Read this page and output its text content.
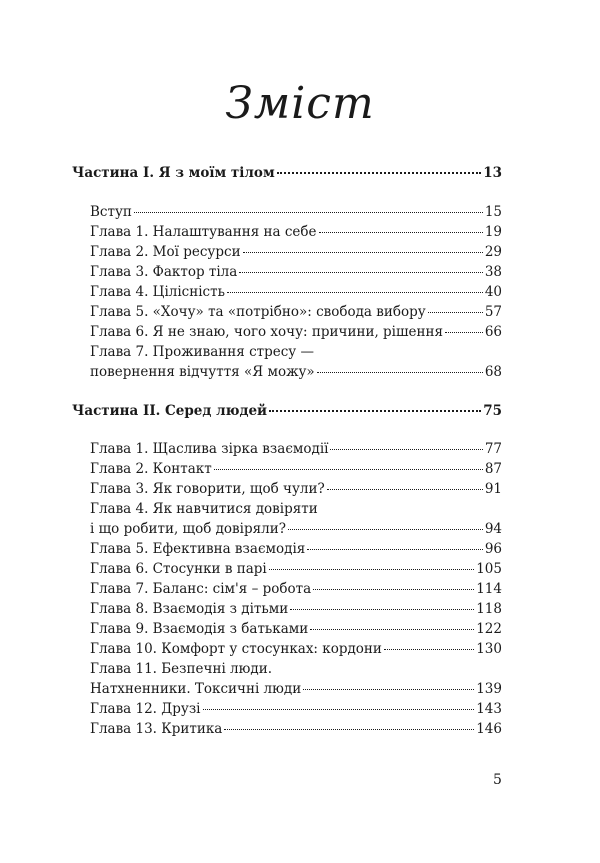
Зміст
Частина І. Я з моїм тілом	13
Вступ	15
Глава 1. Налаштування на себе	19
Глава 2. Мої ресурси	29
Глава 3. Фактор тіла	38
Глава 4. Цілісність	40
Глава 5. «Хочу» та «потрібно»: свобода вибору	57
Глава 6. Я не знаю, чого хочу: причини, рішення	66
Глава 7. Проживання стресу —
повернення відчуття «Я можу»	68
Частина ІІ. Серед людей	75
Глава 1. Щаслива зірка взаємодії	77
Глава 2. Контакт	87
Глава 3. Як говорити, щоб чули?	91
Глава 4. Як навчитися довіряти
і що робити, щоб довіряли?	94
Глава 5. Ефективна взаємодія	96
Глава 6. Стосунки в парі	105
Глава 7. Баланс: сім'я – робота	114
Глава 8. Взаємодія з дітьми	118
Глава 9. Взаємодія з батьками	122
Глава 10. Комфорт у стосунках: кордони	130
Глава 11. Безпечні люди.
Натхненники. Токсичні люди	139
Глава 12. Друзі	143
Глава 13. Критика	146
5
